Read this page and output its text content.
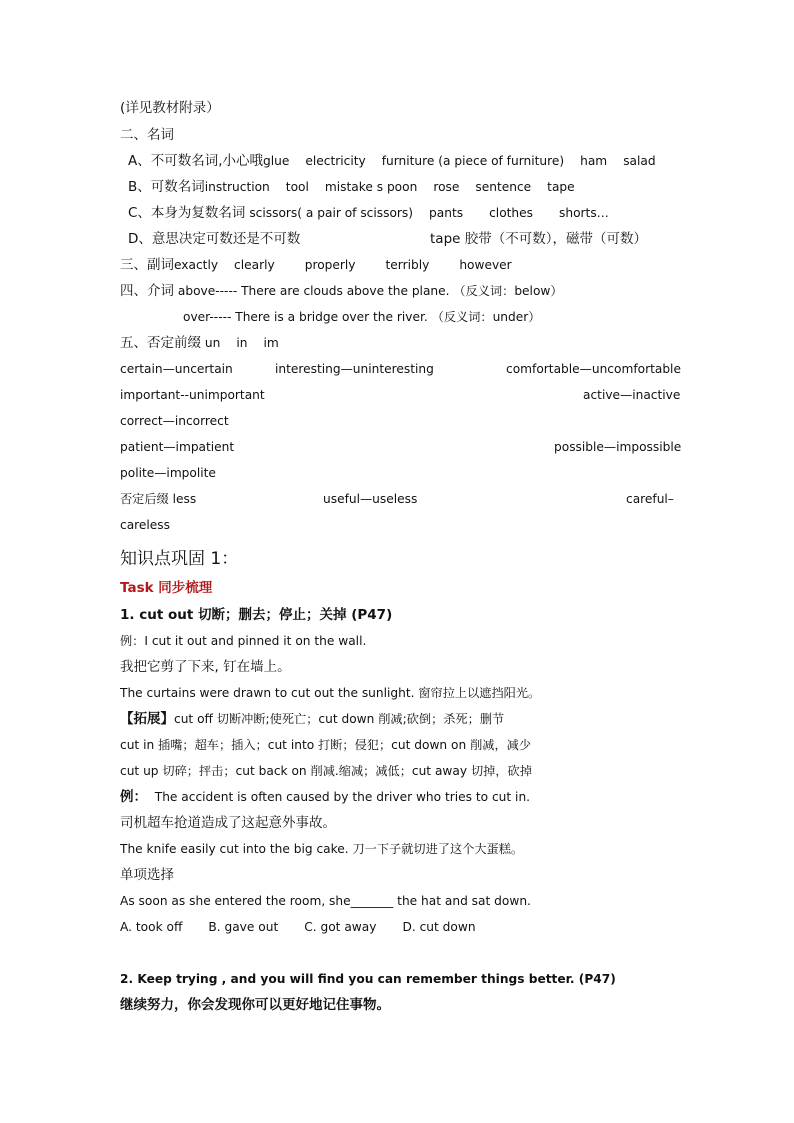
(详见教材附录）
二、名词
A、不可数名词,小心哦glue electricity furniture (a piece of furniture) ham salad
B、可数名词instruction tool mistake s poon rose sentence tape
C、本身为复数名词 scissors( a pair of scissors) pants clothes shorts…
D、意思决定可数还是不可数	tape 胶带（不可数），磁带（可数）
三、副词exactly clearly properly terribly however
四、介词 above----- There are clouds above the plane. （反义词：below）
over----- There is a bridge over the river. （反义词：under）
五、否定前缀 un in im
certain—uncertain	interesting—uninteresting	comfortable—uncomfortable
important--unimportant	active—inactive
correct—incorrect
patient—impatient	possible—impossible
polite—impolite
否定后缀 less	useful—useless	careful–
careless
知识点巩固 1：
Task 同步梳理
1. cut out 切断；删去；停止；关掉 (P47)
例：I cut it out and pinned it on the wall.
我把它剪了下来, 钉在墙上。
The curtains were drawn to cut out the sunlight. 窗帘拉上以遮挡阳光。
【拓展】cut off 切断冲断;使死亡；cut down 削减;砍倒；杀死；删节
cut in 插嘴；超车；插入；cut into 打断；侵犯；cut down on 削减，减少
cut up 切碎；抨击；cut back on 削减.缩减；减低；cut away 切掉，砍掉
例： The accident is often caused by the driver who tries to cut in.
司机超车抢道造成了这起意外事故。
The knife easily cut into the big cake. 刀一下子就切进了这个大蛋糕。
单项选择
As soon as she entered the room, she_______ the hat and sat down.
A. took off B. gave out C. got away D. cut down
2. Keep trying , and you will find you can remember things better. (P47)
继续努力，你会发现你可以更好地记住事物。
